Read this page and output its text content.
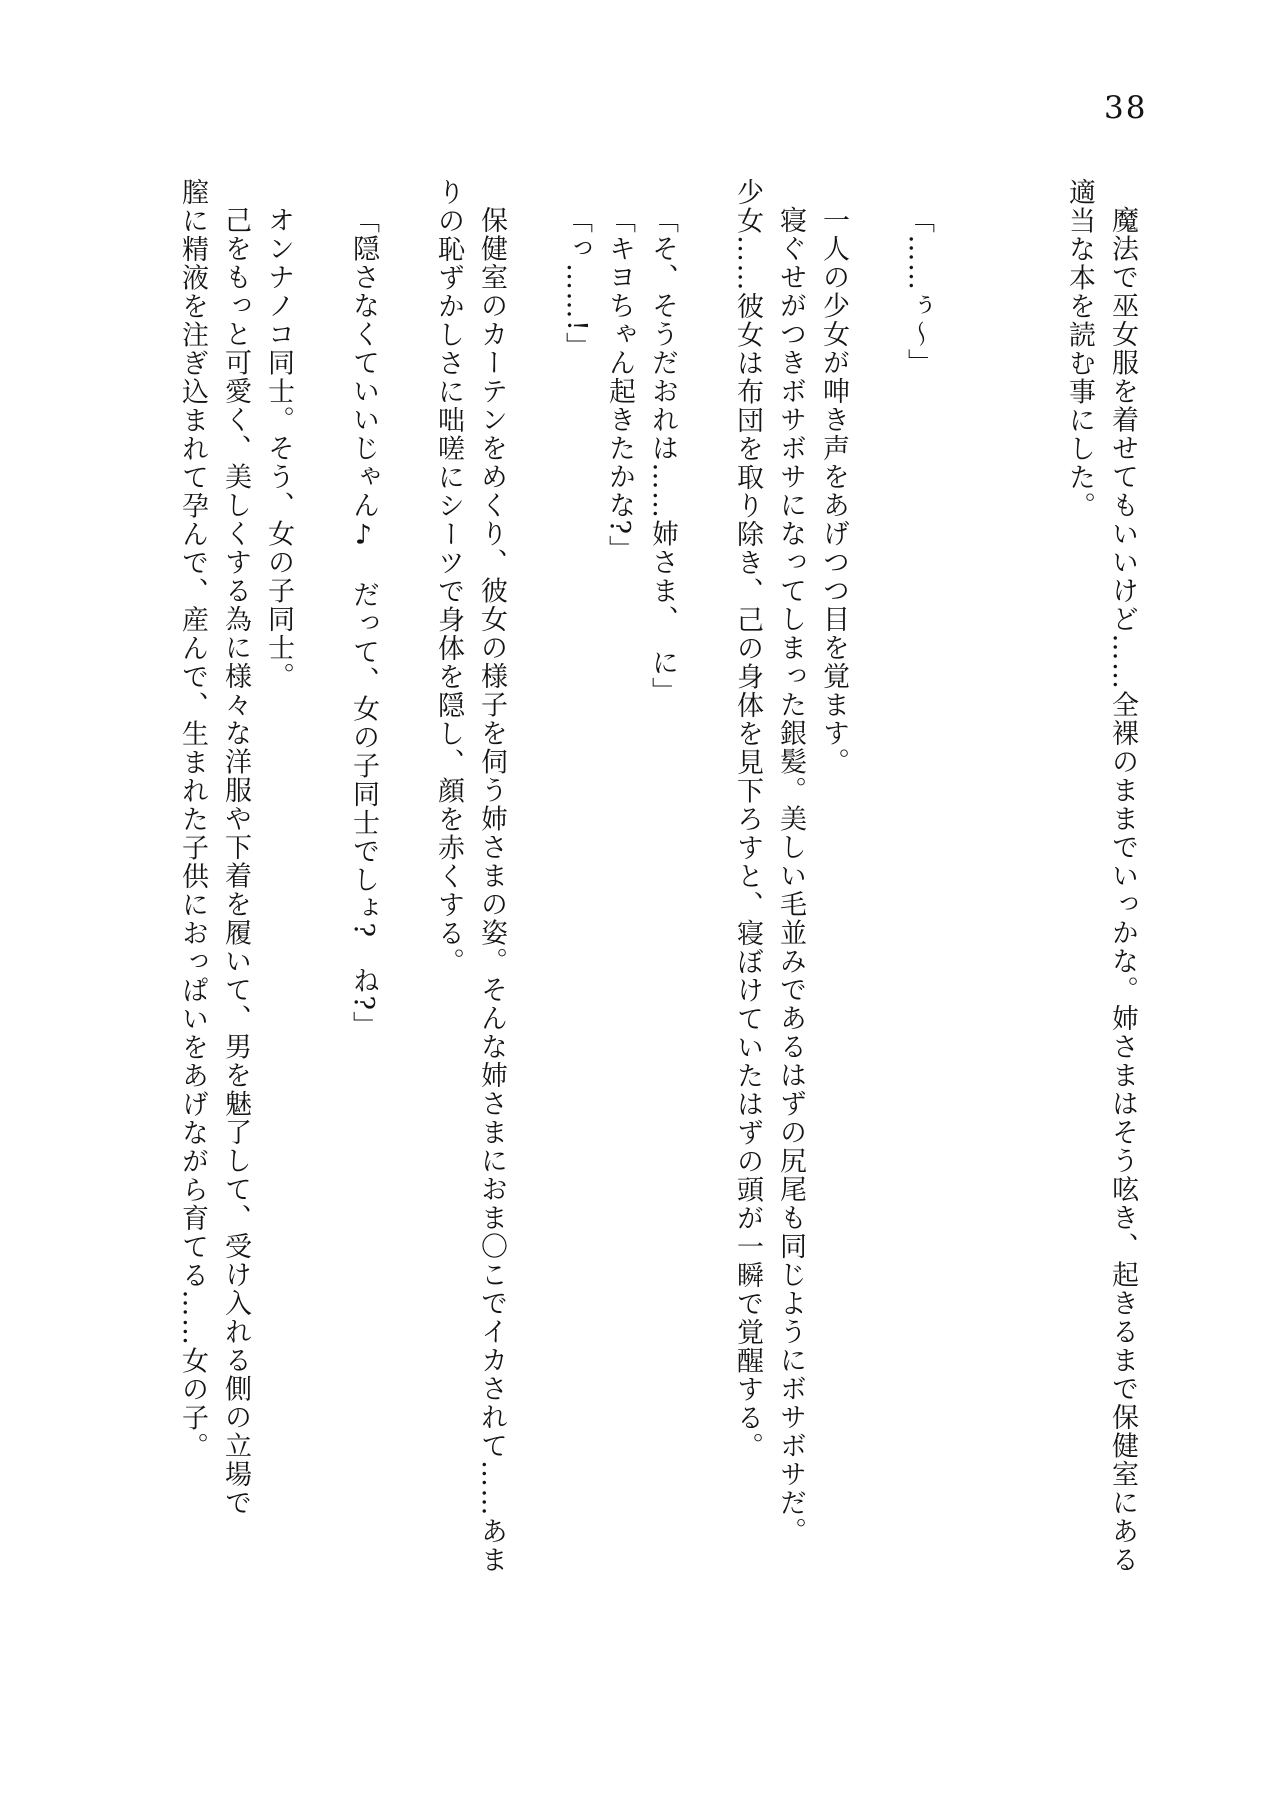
38

魔法で巫女服を着せてもいいけど……全裸のままでいっかな。姉さまはそう呟き、起きるまで保健室にある

適当な本を読む事にした。

「……ぅ〜」

一人の少女が呻き声をあげつつ目を覚ます。

寝ぐせがつきボサボサになってしまった銀髪。美しい毛並みであるはずの尻尾も同じようにボサボサだ。

少女……彼女は布団を取り除き、己の身体を見下ろすと、寝ぼけていたはずの頭が一瞬で覚醒する。

「そ、そうだおれは……姉さま、　に」

「キヨちゃん起きたかな?」

「っ……!」

保健室のカーテンをめくり、彼女の様子を伺う姉さまの姿。そんな姉さまにおま〇こでイカされて……あま

りの恥ずかしさに咄嗟にシーツで身体を隠し、顔を赤くする。

「隠さなくていいじゃん♪　だって、女の子同士でしょ?　ね?」

オンナノコ同士。そう、女の子同士。

己をもっと可愛く、美しくする為に様々な洋服や下着を履いて、男を魅了して、受け入れる側の立場で

膣に精液を注ぎ込まれて孕んで、産んで、生まれた子供におっぱいをあげながら育てる……女の子。
